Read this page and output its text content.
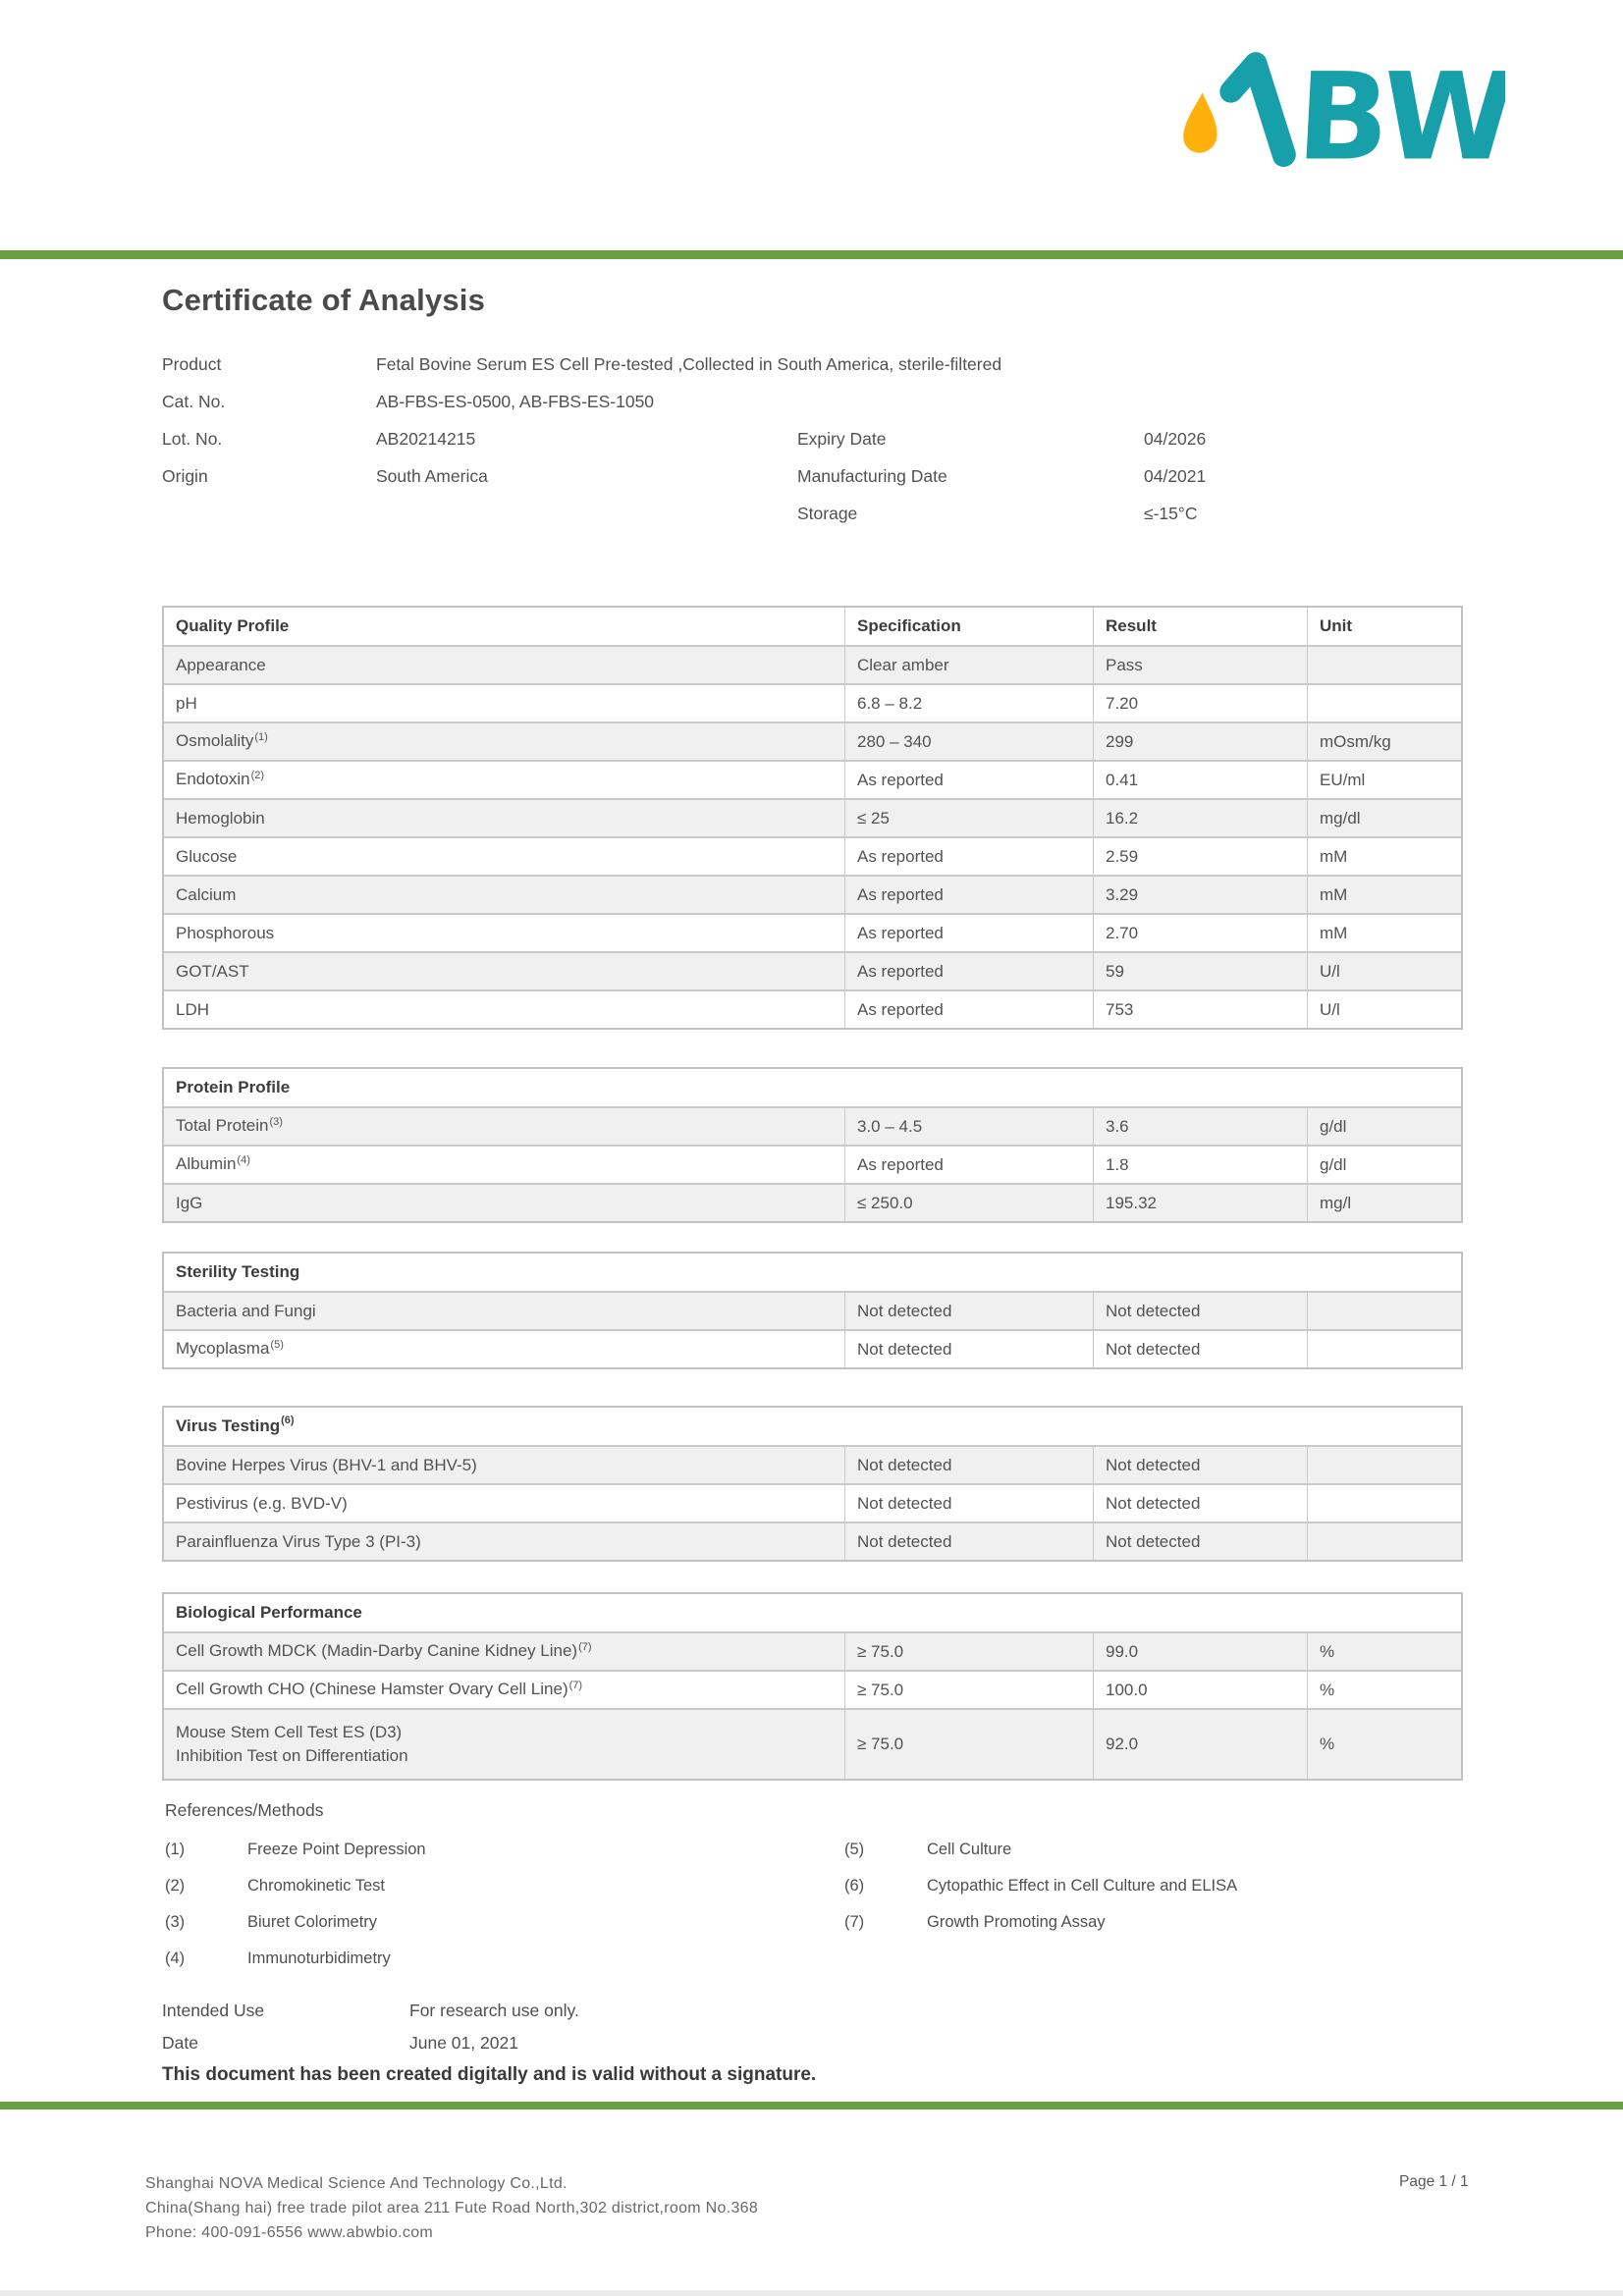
B
W
Certificate of Analysis
Product	Fetal Bovine Serum ES Cell Pre-tested ,Collected in South America, sterile-filtered
Cat. No.	AB-FBS-ES-0500, AB-FBS-ES-1050
Lot. No.	AB20214215
Origin	South America
Expiry Date	04/2026
Manufacturing Date	04/2021
Storage	≤-15°C
Quality Profile	Specification	Result	Unit
Appearance	Clear amber	Pass
pH	6.8 – 8.2	7.20
Osmolality$^{(1)}$	280 – 340	299	mOsm/kg
Endotoxin$^{(2)}$	As reported	0.41	EU/ml
Hemoglobin	≤ 25	16.2	mg/dl
Glucose	As reported	2.59	mM
Calcium	As reported	3.29	mM
Phosphorous	As reported	2.70	mM
GOT/AST	As reported	59	U/l
LDH	As reported	753	U/l
Protein Profile
Total Protein$^{(3)}$	3.0 – 4.5	3.6	g/dl
Albumin$^{(4)}$	As reported	1.8	g/dl
IgG	≤ 250.0	195.32	mg/l
Sterility Testing
Bacteria and Fungi	Not detected	Not detected
Mycoplasma$^{(5)}$	Not detected	Not detected
Virus Testing (6)
Bovine Herpes Virus (BHV-1 and BHV-5)	Not detected	Not detected
Pestivirus (e.g. BVD-V)	Not detected	Not detected
Parainfluenza Virus Type 3 (PI-3)	Not detected	Not detected
Biological Performance
Cell Growth MDCK (Madin-Darby Canine Kidney Line)$^{(7)}$	≥ 75.0	99.0	%
Cell Growth CHO (Chinese Hamster Ovary Cell Line)$^{(7)}$	≥ 75.0	100.0	%
Mouse Stem Cell Test ES (D3)
Inhibition Test on Differentiation
≥ 75.0	92.0	%
References/Methods
(1)	Freeze Point Depression
(2)	Chromokinetic Test
(3)	Biuret Colorimetry
(4)	Immunoturbidimetry
(5)	Cell Culture
(6)	Cytopathic Effect in Cell Culture and ELISA
(7)	Growth Promoting Assay
Intended Use	For research use only.
Date	June 01, 2021
This document has been created digitally and is valid without a signature.
Shanghai NOVA Medical Science And Technology Co.,Ltd.
China(Shang hai) free trade pilot area 211 Fute Road North,302 district,room No.368
Phone: 400-091-6556 www.abwbio.com
Page 1 / 1
